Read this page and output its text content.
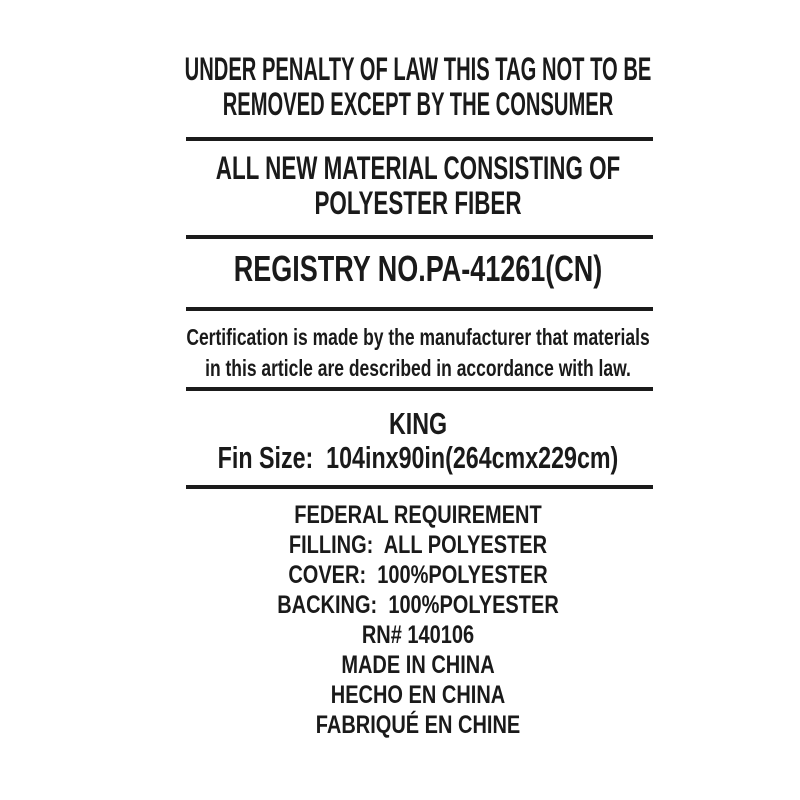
UNDER PENALTY OF LAW THIS TAG NOT TO BE
REMOVED EXCEPT BY THE CONSUMER
ALL NEW MATERIAL CONSISTING OF
POLYESTER FIBER
REGISTRY NO.PA-41261(CN)
Certification is made by the manufacturer that materials
in this article are described in accordance with law.
KING
Fin Size:  104inx90in(264cmx229cm)
FEDERAL REQUIREMENT
FILLING:  ALL POLYESTER
COVER:  100%POLYESTER
BACKING:  100%POLYESTER
RN# 140106
MADE IN CHINA
HECHO EN CHINA
FABRIQUÉ EN CHINE
